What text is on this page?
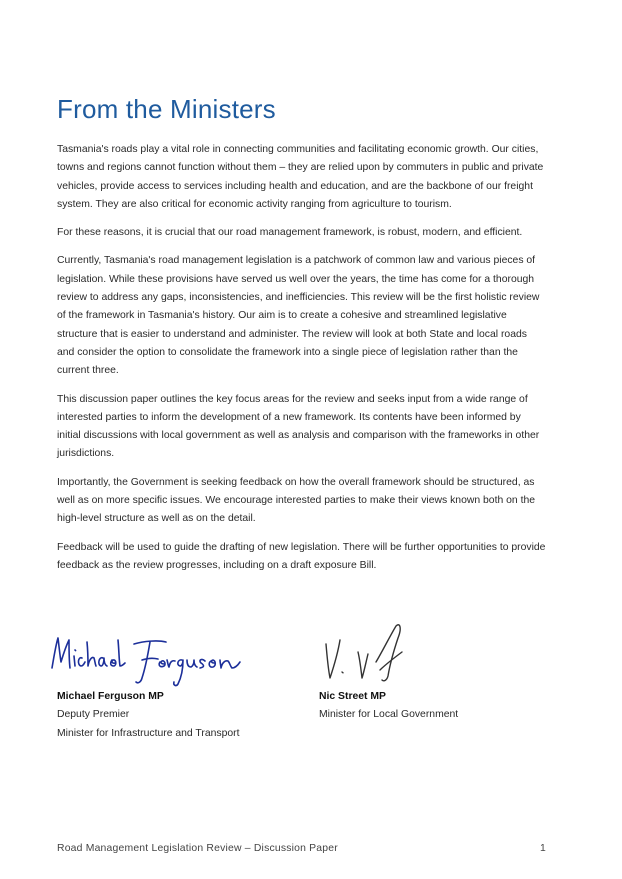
From the Ministers

Tasmania's roads play a vital role in connecting communities and facilitating economic growth. Our cities, towns and regions cannot function without them – they are relied upon by commuters in public and private vehicles, provide access to services including health and education, and are the backbone of our freight system. They are also critical for economic activity ranging from agriculture to tourism.

For these reasons, it is crucial that our road management framework, is robust, modern, and efficient.

Currently, Tasmania's road management legislation is a patchwork of common law and various pieces of legislation. While these provisions have served us well over the years, the time has come for a thorough review to address any gaps, inconsistencies, and inefficiencies. This review will be the first holistic review of the framework in Tasmania's history. Our aim is to create a cohesive and streamlined legislative structure that is easier to understand and administer. The review will look at both State and local roads and consider the option to consolidate the framework into a single piece of legislation rather than the current three.

This discussion paper outlines the key focus areas for the review and seeks input from a wide range of interested parties to inform the development of a new framework. Its contents have been informed by initial discussions with local government as well as analysis and comparison with the frameworks in other jurisdictions.

Importantly, the Government is seeking feedback on how the overall framework should be structured, as well as on more specific issues. We encourage interested parties to make their views known both on the high-level structure as well as on the detail.

Feedback will be used to guide the drafting of new legislation. There will be further opportunities to provide feedback as the review progresses, including on a draft exposure Bill.

Michael Ferguson MP
Deputy Premier
Minister for Infrastructure and Transport
Nic Street MP
Minister for Local Government
Road Management Legislation Review – Discussion Paper	1
